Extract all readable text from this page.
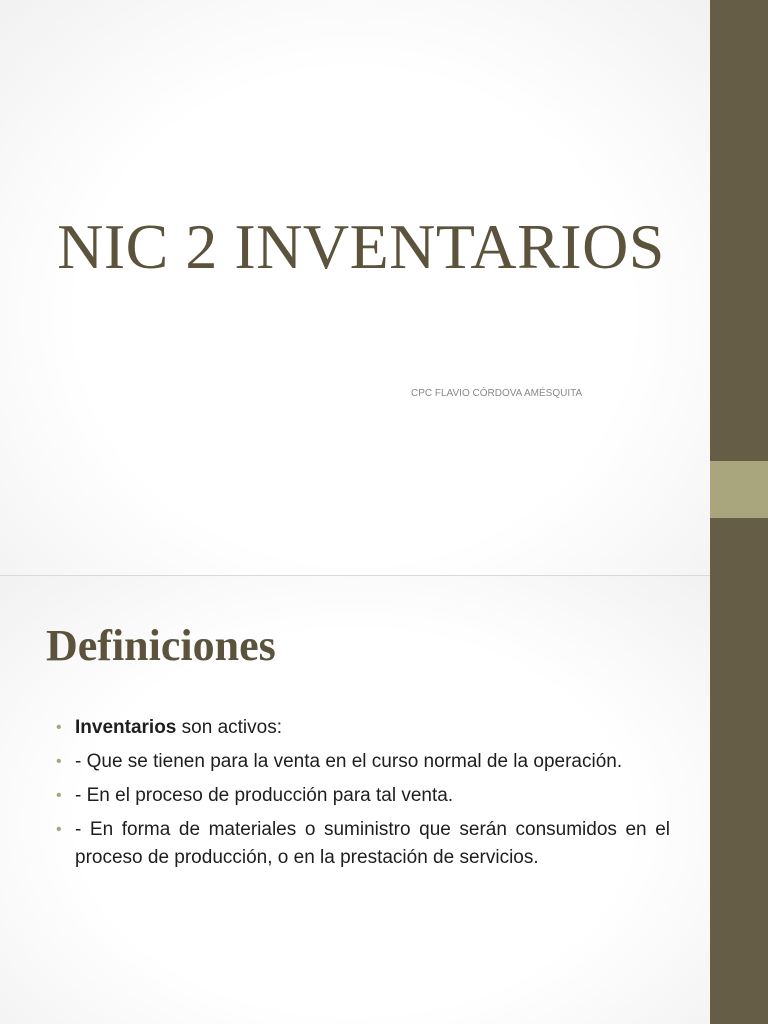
NIC 2 INVENTARIOS
CPC FLAVIO CÓRDOVA AMÉSQUITA
Definiciones
• Inventarios son activos:
• - Que se tienen para la venta en el curso normal de la operación.
• - En el proceso de producción para tal venta.
• - En forma de materiales o suministro que serán consumidos en el proceso de producción, o en la prestación de servicios.
